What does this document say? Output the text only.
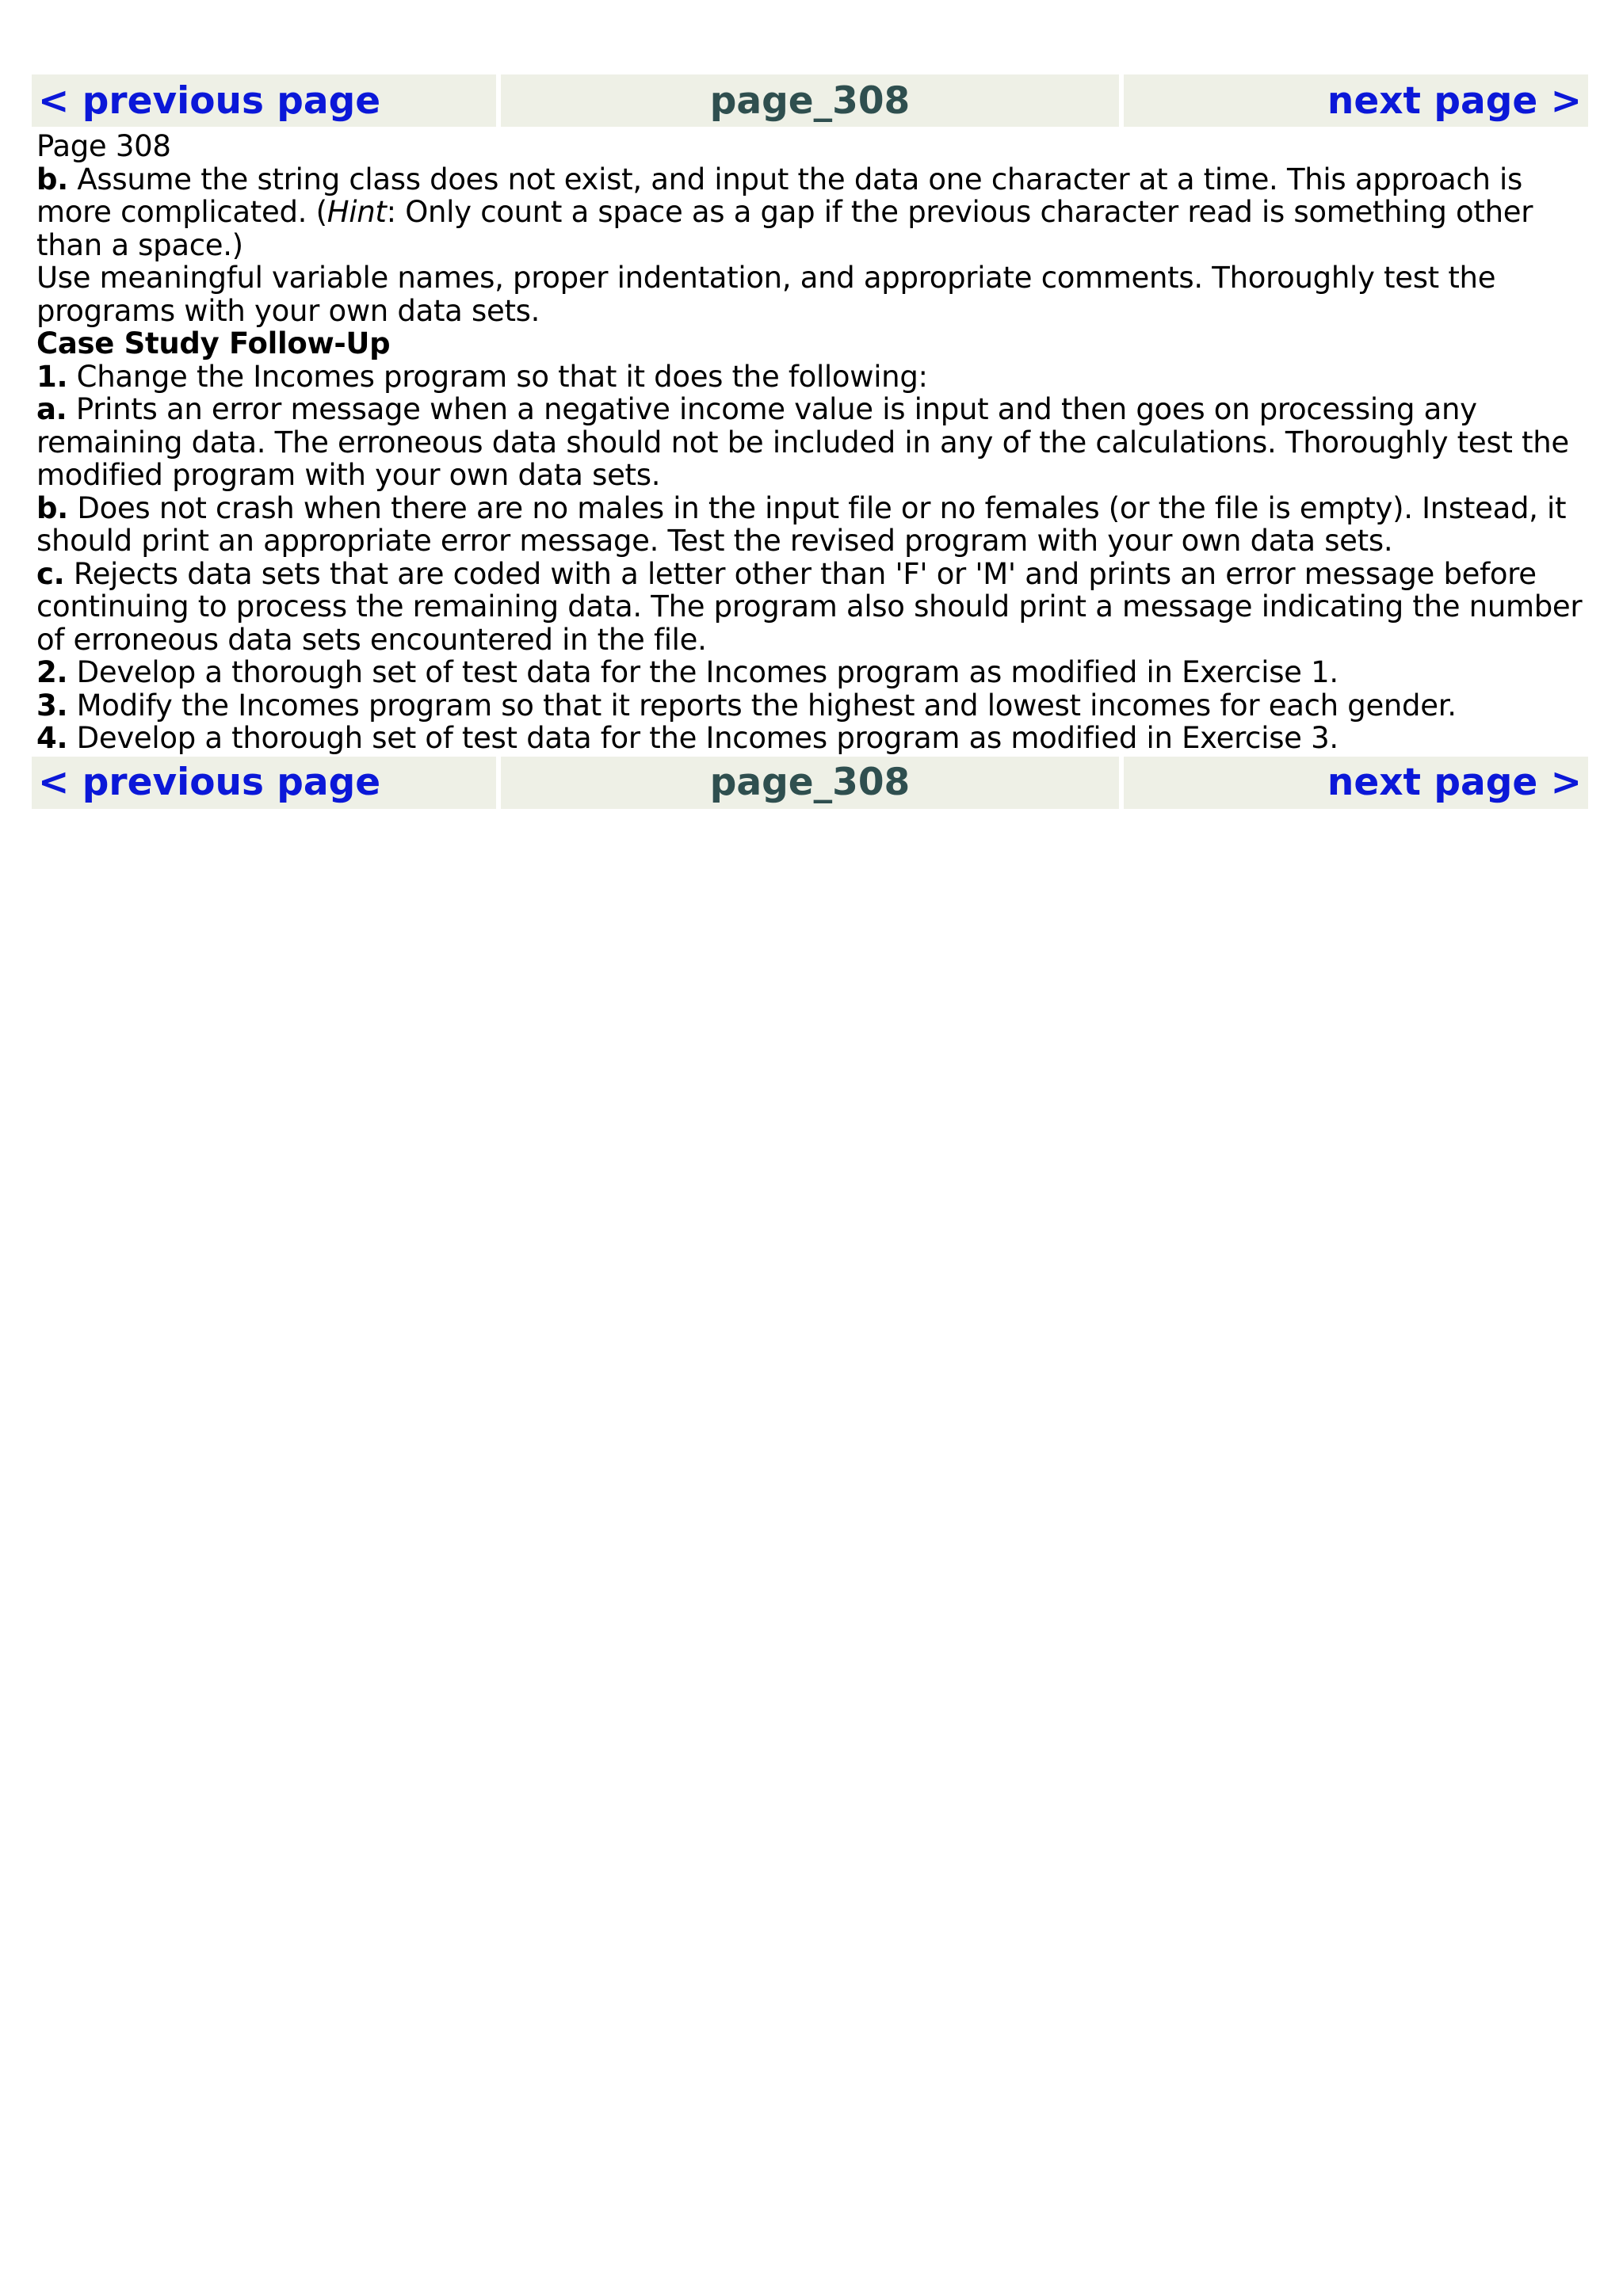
< previous page	page_308	next page >

Page 308

b. Assume the string class does not exist, and input the data one character at a time. This approach is more complicated. (Hint: Only count a space as a gap if the previous character read is something other than a space.)

Use meaningful variable names, proper indentation, and appropriate comments. Thoroughly test the programs with your own data sets.

Case Study Follow-Up

1. Change the Incomes program so that it does the following:

a. Prints an error message when a negative income value is input and then goes on processing any remaining data. The erroneous data should not be included in any of the calculations. Thoroughly test the modified program with your own data sets.

b. Does not crash when there are no males in the input file or no females (or the file is empty). Instead, it should print an appropriate error message. Test the revised program with your own data sets.

c. Rejects data sets that are coded with a letter other than 'F' or 'M' and prints an error message before continuing to process the remaining data. The program also should print a message indicating the number of erroneous data sets encountered in the file.

2. Develop a thorough set of test data for the Incomes program as modified in Exercise 1.

3. Modify the Incomes program so that it reports the highest and lowest incomes for each gender.

4. Develop a thorough set of test data for the Incomes program as modified in Exercise 3.

< previous page	page_308	next page >
